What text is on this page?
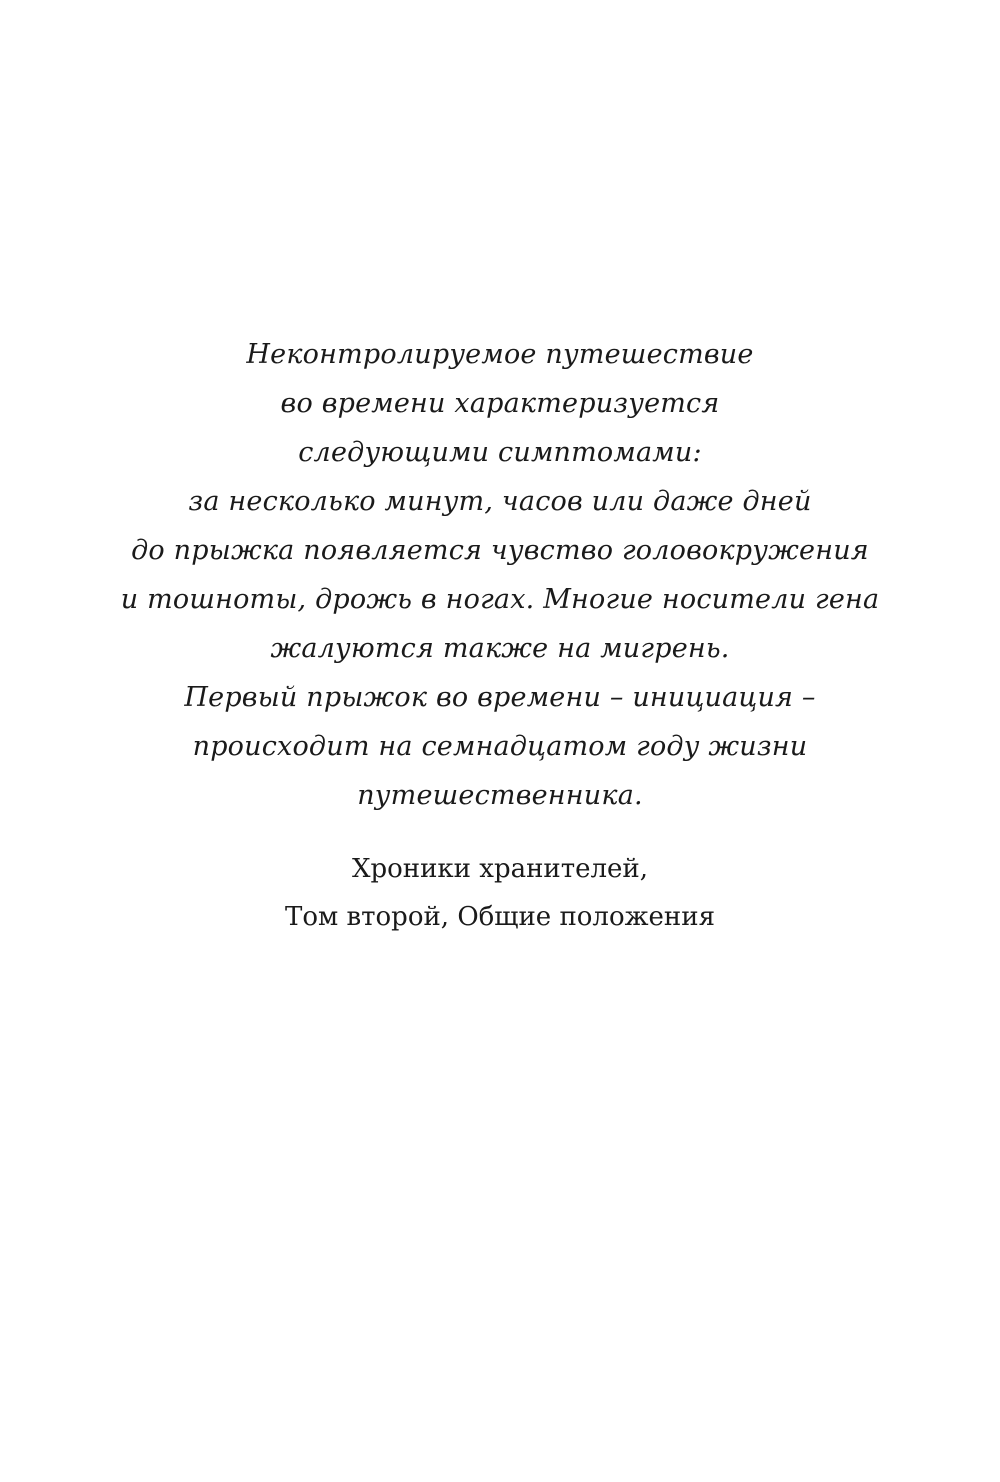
Неконтролируемое путешествие
во времени характеризуется
следующими симптомами:
за несколько минут, часов или даже дней
до прыжка появляется чувство головокружения
и тошноты, дрожь в ногах. Многие носители гена
жалуются также на мигрень.
Первый прыжок во времени – инициация –
происходит на семнадцатом году жизни
путешественника.
Хроники хранителей,
Том второй, Общие положения
